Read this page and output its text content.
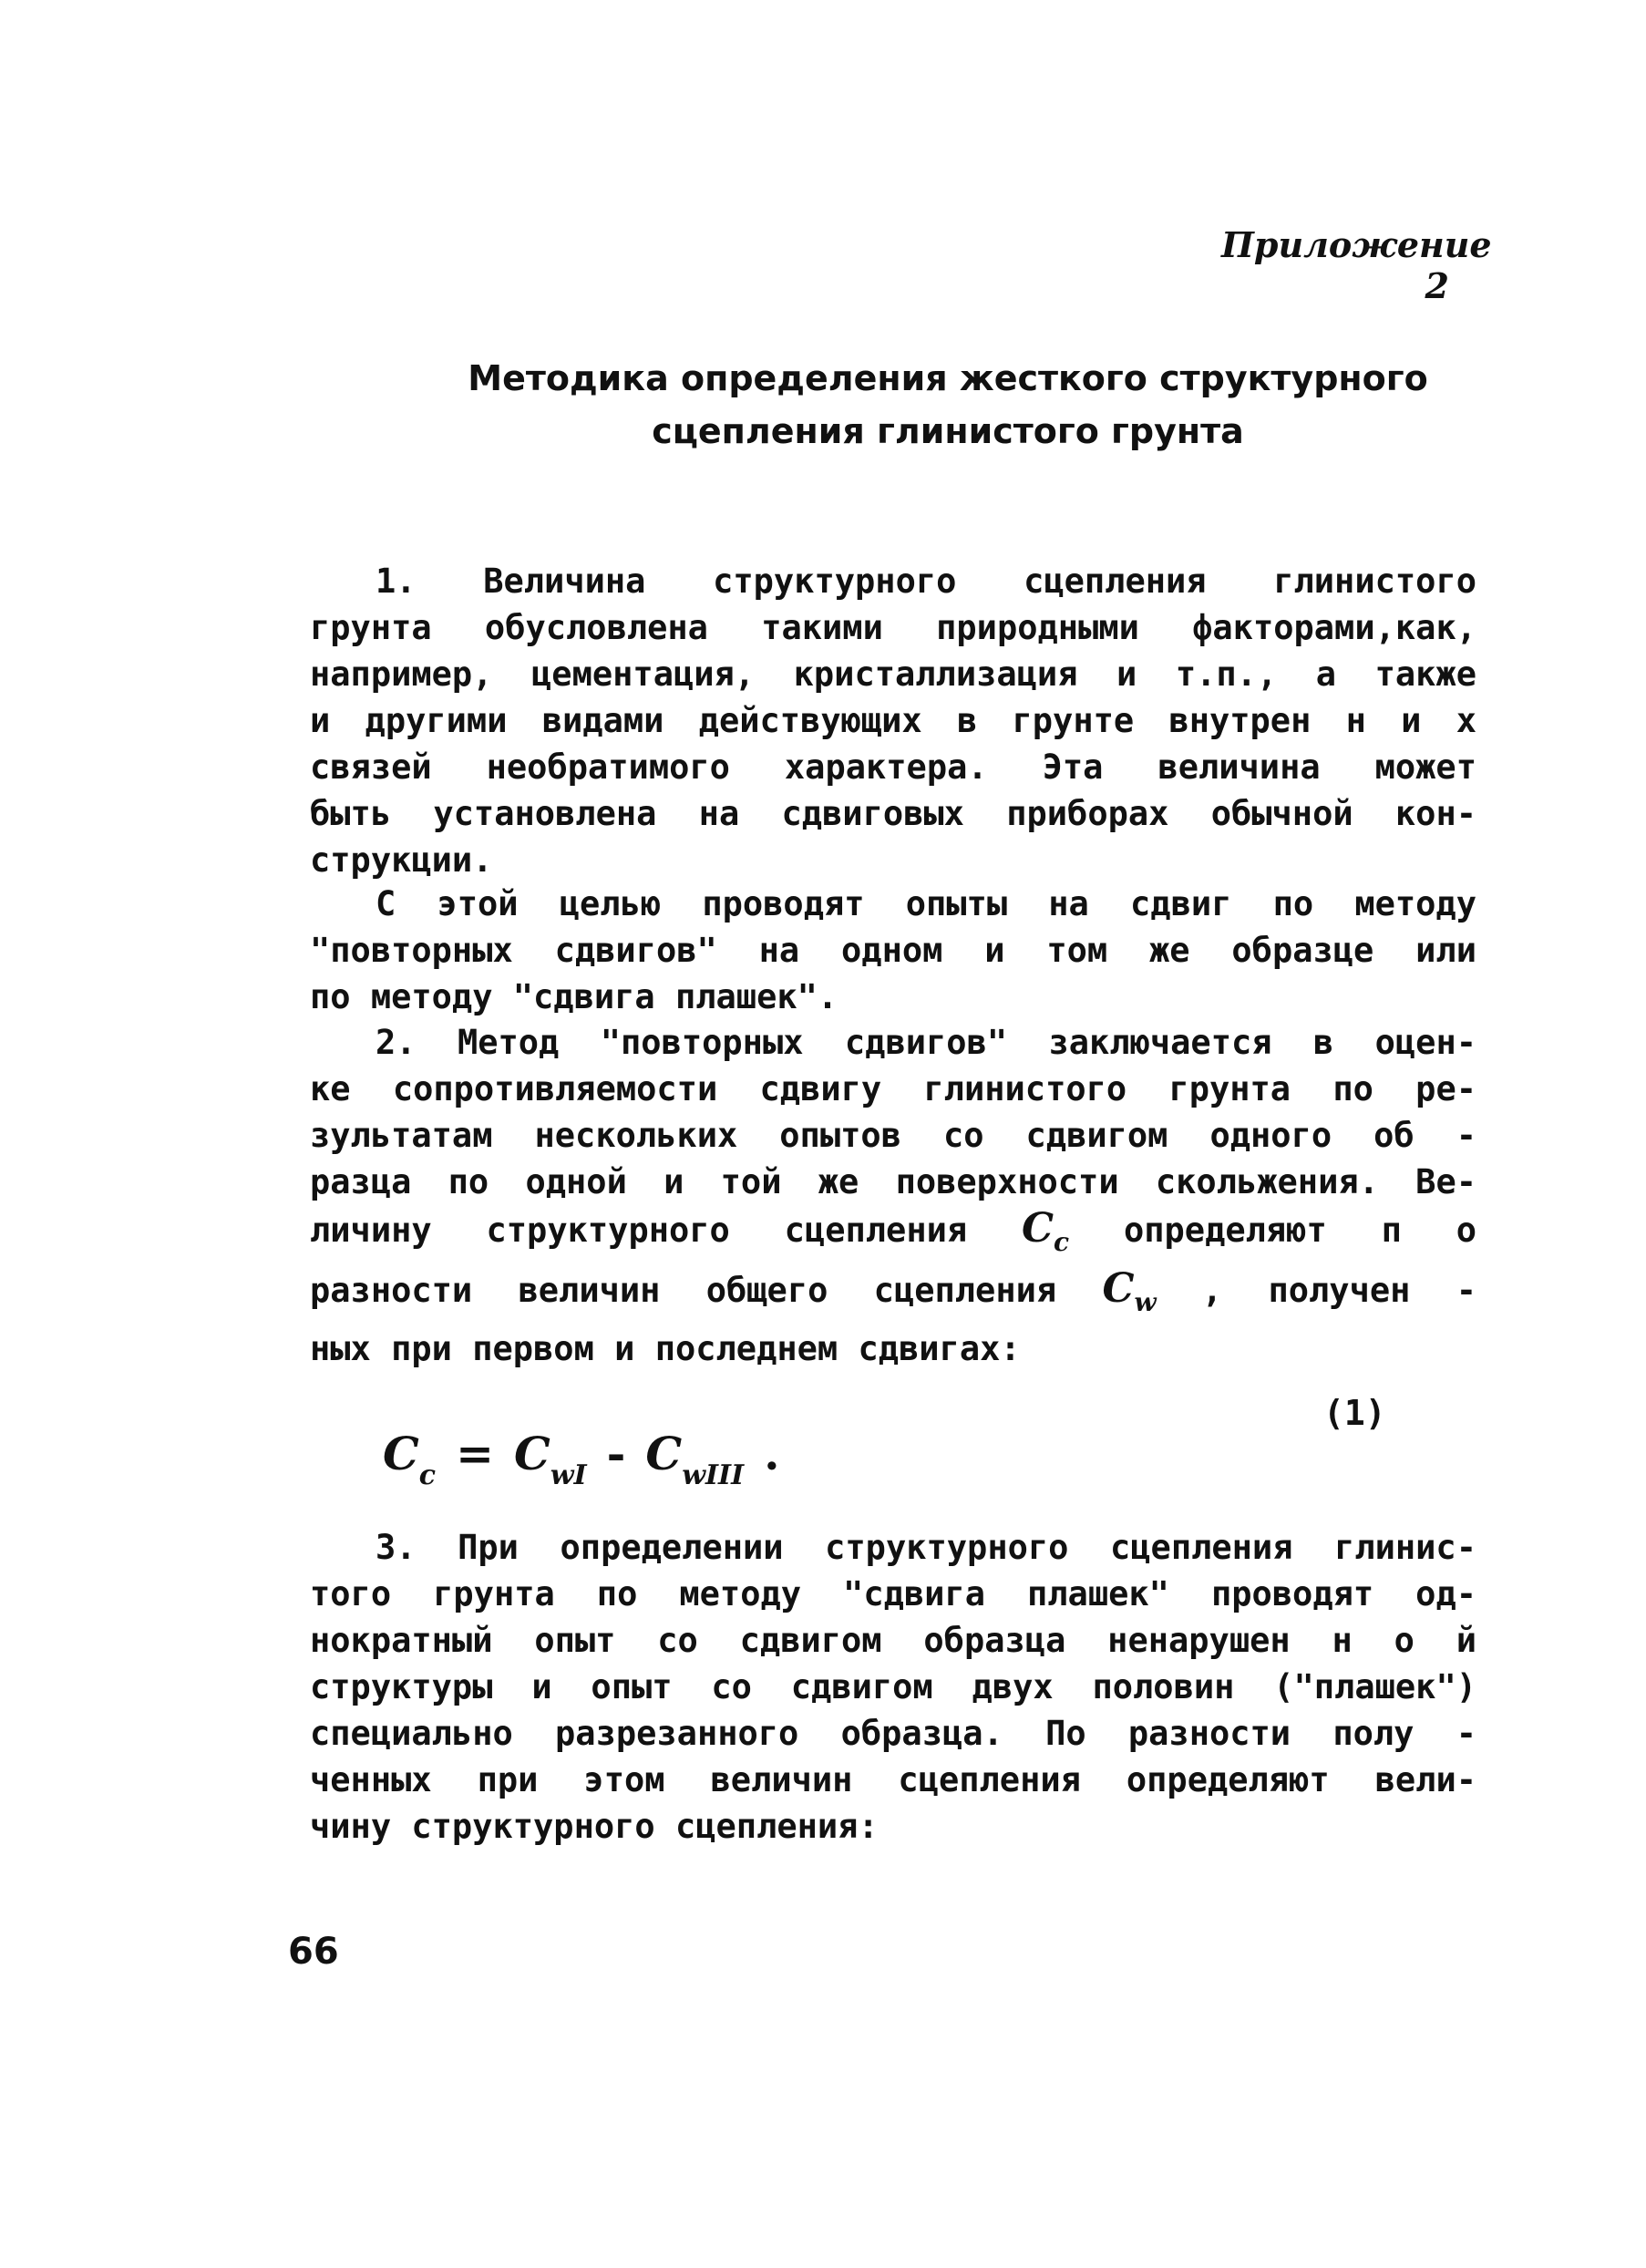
Приложение 2
Методика определения жесткого структурного
сцепления глинистого грунта
1. Величина структурного сцепления глинистого
грунта обусловлена такими природными факторами,как,
например, цементация, кристаллизация и т.п., а также
и другими видами действующих в грунте внутрен н и х
связей необратимого характера. Эта величина может
быть установлена на сдвиговых приборах обычной кон-
струкции.
С этой целью проводят опыты на сдвиг по методу
"повторных сдвигов" на одном и том же образце или
по методу "сдвига плашек".
2. Метод "повторных сдвигов" заключается в оцен-
ке сопротивляемости сдвигу глинистого грунта по ре-
зультатам нескольких опытов со сдвигом одного об -
разца по одной и той же поверхности скольжения. Ве-
личину структурного сцепления $C_c$ определяют п о
разности величин общего сцепления $C_w$ , получен -
ных при первом и последнем сдвигах:
(1)
$C_c = C_{wI} - C_{wIII}$ .
3. При определении структурного сцепления глинис-
того грунта по методу "сдвига плашек" проводят од-
нократный опыт со сдвигом образца ненарушен н о й
структуры и опыт со сдвигом двух половин ("плашек")
специально разрезанного образца. По разности полу -
ченных при этом величин сцепления определяют вели-
чину структурного сцепления:
66
